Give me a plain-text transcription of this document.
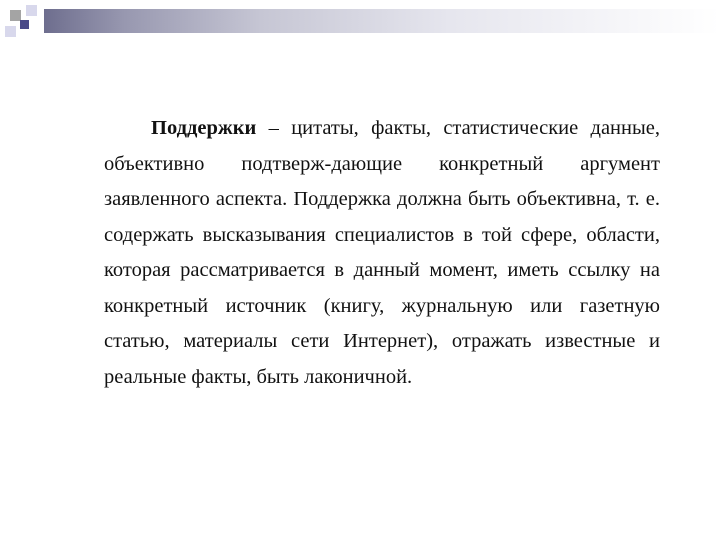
Поддержки – цитаты, факты, статистические данные, объективно подтверж-дающие конкретный аргумент заявленного аспекта. Поддержка должна быть объективна, т. е. содержать высказывания специалистов в той сфере, области, которая рассматривается в данный момент, иметь ссылку на конкретный источник (книгу, журнальную или газетную статью, материалы сети Интернет), отражать известные и реальные факты, быть лаконичной.
